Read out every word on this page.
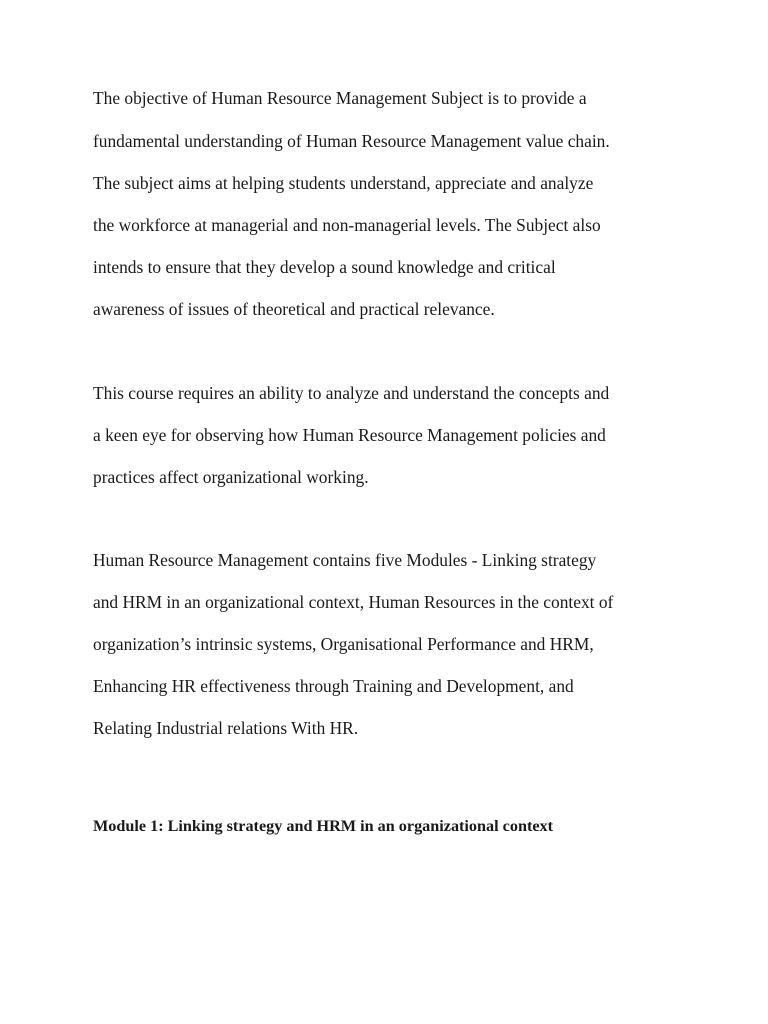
The objective of Human Resource Management Subject is to provide a
fundamental understanding of Human Resource Management value chain.
The subject aims at helping students understand, appreciate and analyze
the workforce at managerial and non-managerial levels. The Subject also
intends to ensure that they develop a sound knowledge and critical
awareness of issues of theoretical and practical relevance.
This course requires an ability to analyze and understand the concepts and
a keen eye for observing how Human Resource Management policies and
practices affect organizational working.
Human Resource Management contains five Modules - Linking strategy
and HRM in an organizational context, Human Resources in the context of
organization’s intrinsic systems, Organisational Performance and HRM,
Enhancing HR effectiveness through Training and Development, and
Relating Industrial relations With HR.
Module 1: Linking strategy and HRM in an organizational context
